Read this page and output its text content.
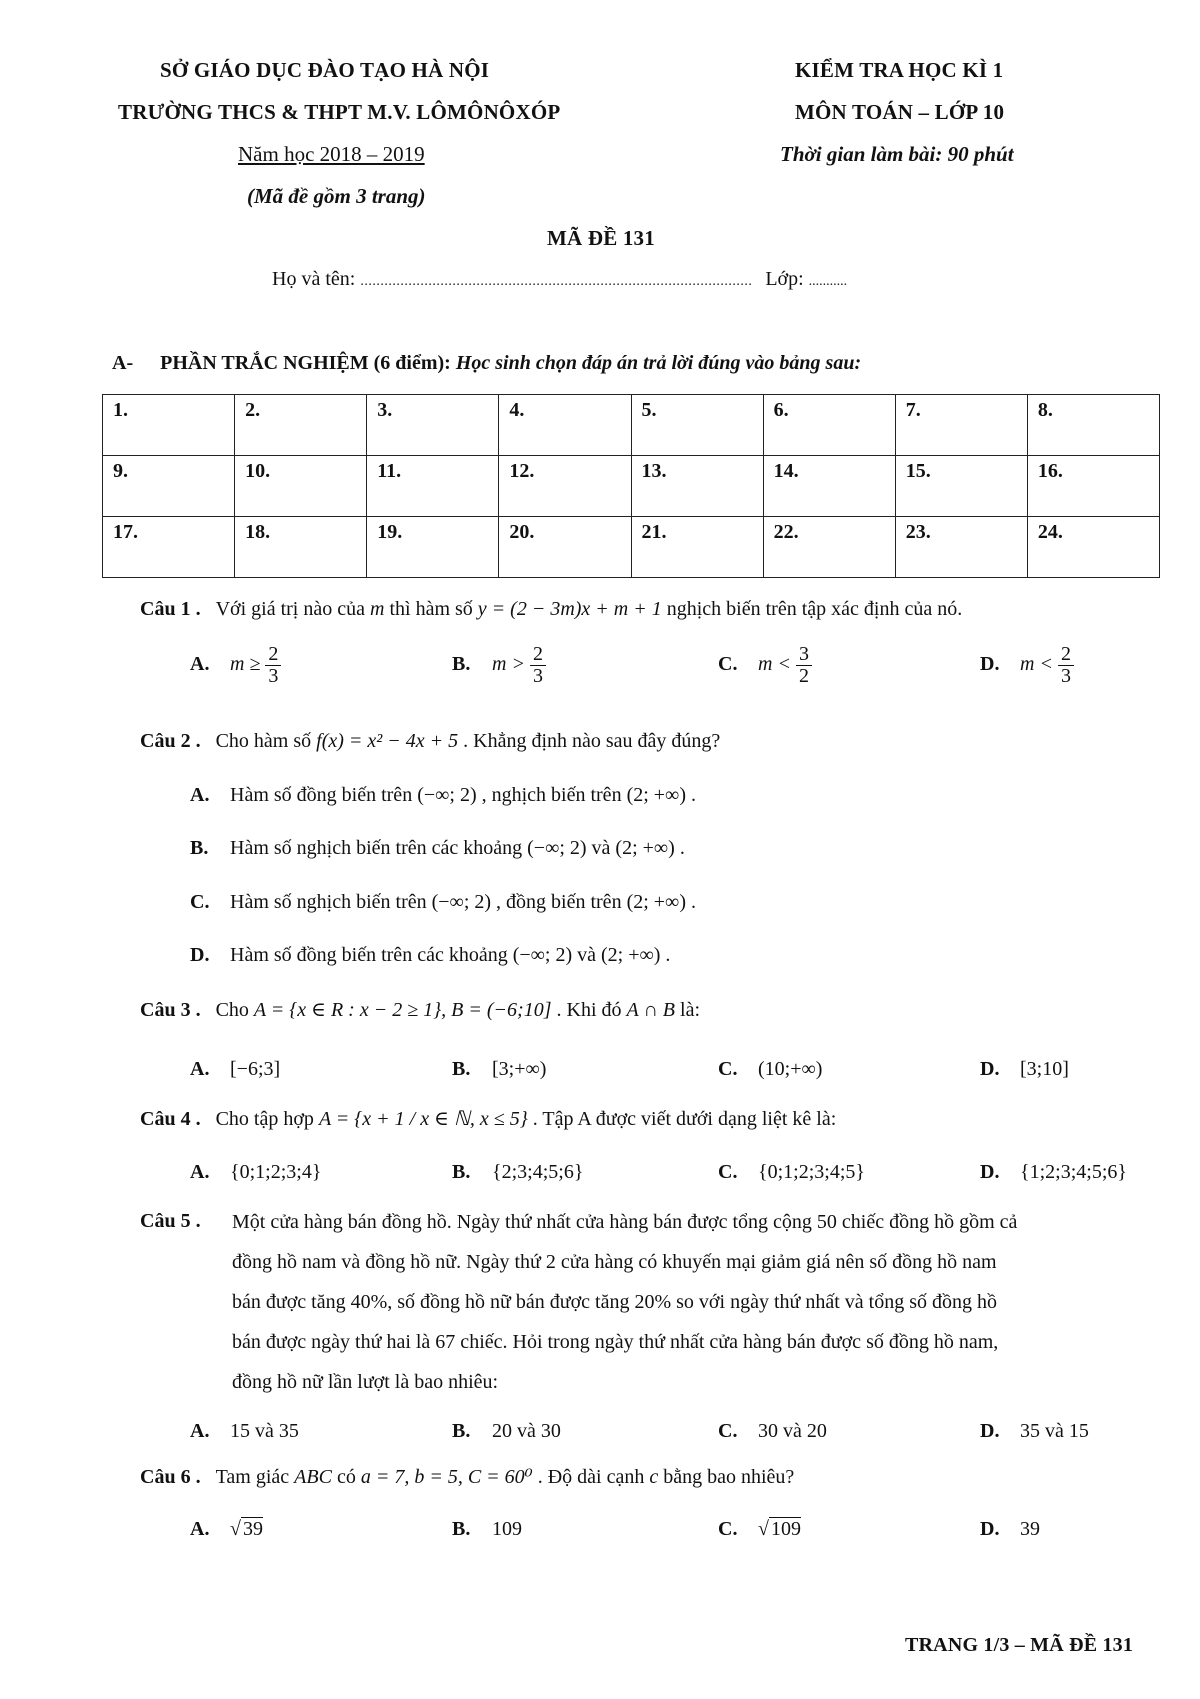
SỞ GIÁO DỤC ĐÀO TẠO HÀ NỘI
TRƯỜNG THCS & THPT M.V. LÔMÔNÔXÓP
Năm học 2018 – 2019
(Mã đề gồm 3 trang)
KIỂM TRA HỌC KÌ 1
MÔN TOÁN – LỚP 10
Thời gian làm bài: 90 phút
MÃ ĐỀ 131
Họ và tên: .................................................................................................. Lớp: ...........
A- PHẦN TRẮC NGHIỆM (6 điểm): Học sinh chọn đáp án trả lời đúng vào bảng sau:
1.	2.	3.	4.	5.	6.	7.	8.
9.	10.	11.	12.	13.	14.	15.	16.
17.	18.	19.	20.	21.	22.	23.	24.
Câu 1 . Với giá trị nào của m thì hàm số y = (2 − 3m)x + m + 1 nghịch biến trên tập xác định của nó.
A. $m \ge \frac{2}{3}$	B. $m > \frac{2}{3}$	C. $m < \frac{3}{2}$	D. $m < \frac{2}{3}$
Câu 2 . Cho hàm số f(x) = x² − 4x + 5 . Khẳng định nào sau đây đúng?
A. Hàm số đồng biến trên (−∞; 2) , nghịch biến trên (2; +∞) .
B. Hàm số nghịch biến trên các khoảng (−∞; 2) và (2; +∞) .
C. Hàm số nghịch biến trên (−∞; 2) , đồng biến trên (2; +∞) .
D. Hàm số đồng biến trên các khoảng (−∞; 2) và (2; +∞) .
Câu 3 . Cho A = {x ∈ R : x − 2 ≥ 1}, B = (−6;10] . Khi đó A ∩ B là:
A. [−6;3]	B. [3;+∞)	C. (10;+∞)	D. [3;10]
Câu 4 . Cho tập hợp A = {x + 1 / x ∈ ℕ, x ≤ 5} . Tập A được viết dưới dạng liệt kê là:
A. {0;1;2;3;4}	B. {2;3;4;5;6}	C. {0;1;2;3;4;5}	D. {1;2;3;4;5;6}
Câu 5 . Một cửa hàng bán đồng hồ. Ngày thứ nhất cửa hàng bán được tổng cộng 50 chiếc đồng hồ gồm cả
đồng hồ nam và đồng hồ nữ. Ngày thứ 2 cửa hàng có khuyến mại giảm giá nên số đồng hồ nam
bán được tăng 40%, số đồng hồ nữ bán được tăng 20% so với ngày thứ nhất và tổng số đồng hồ
bán được ngày thứ hai là 67 chiếc. Hỏi trong ngày thứ nhất cửa hàng bán được số đồng hồ nam,
đồng hồ nữ lần lượt là bao nhiêu:
A. 15 và 35	B. 20 và 30	C. 30 và 20	D. 35 và 15
Câu 6 . Tam giác ABC có a = 7, b = 5, C = 60⁰ . Độ dài cạnh c bằng bao nhiêu?
A. √ 39	B. 109	C. √ 109	D. 39
TRANG 1/3 – MÃ ĐỀ 131
